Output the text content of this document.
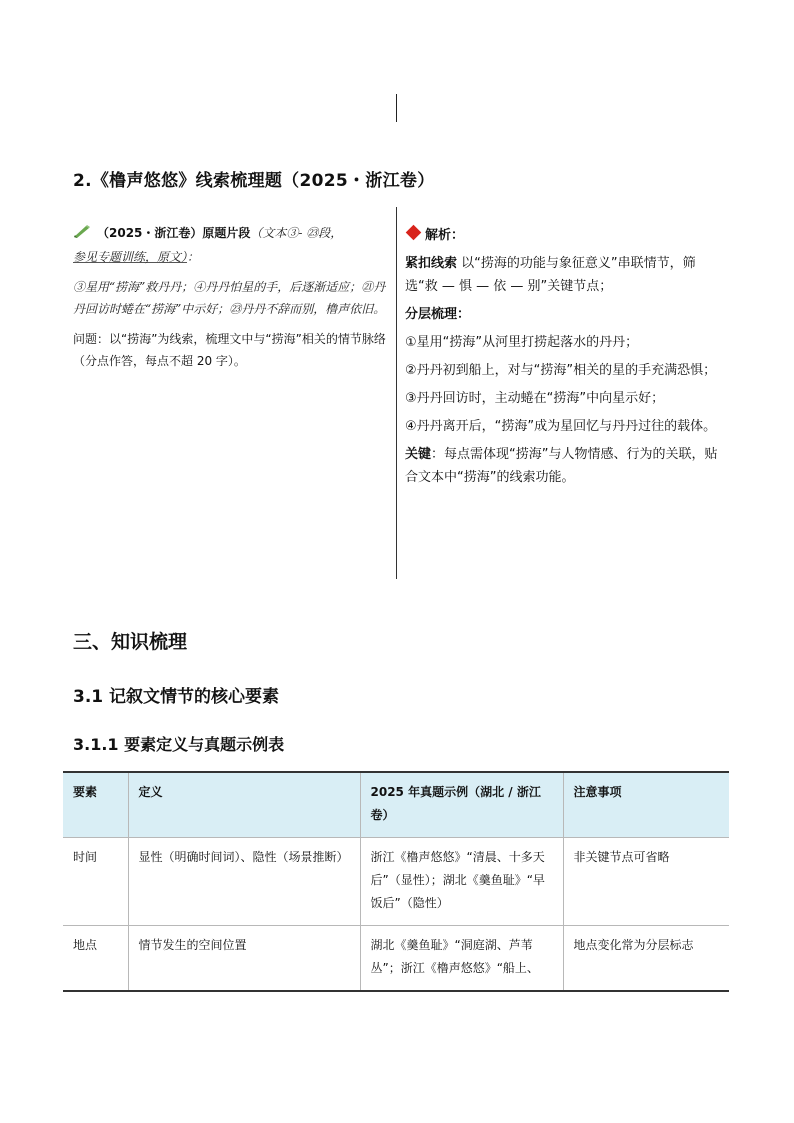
2.《橹声悠悠》线索梳理题（2025・浙江卷）

（2025・浙江卷）原题片段（文本③- ㉓段，
参见专题训练，原文）：

③星用“捞海”救丹丹；④丹丹怕星的手，后逐渐适应；㉑丹丹回访时蜷在“捞海”中示好；㉓丹丹不辞而别，橹声依旧。

问题：以“捞海”为线索，梳理文中与“捞海”相关的情节脉络（分点作答，每点不超 20 字）。

解析：

紧扣线索 以“捞海的功能与象征意义”串联情节，筛选“救 — 惧 — 依 — 别”关键节点；

分层梳理：

①星用“捞海”从河里打捞起落水的丹丹；

②丹丹初到船上，对与“捞海”相关的星的手充满恐惧；

③丹丹回访时，主动蜷在“捞海”中向星示好；

④丹丹离开后，“捞海”成为星回忆与丹丹过往的载体。

关键：每点需体现“捞海”与人物情感、行为的关联，贴合文本中“捞海”的线索功能。

三、知识梳理
3.1 记叙文情节的核心要素
3.1.1 要素定义与真题示例表
要素	定义	2025 年真题示例（湖北 / 浙江卷）	注意事项
时间	显性（明确时间词）、隐性（场景推断）	浙江《橹声悠悠》“清晨、十多天后”（显性）；湖北《羹鱼耻》“早饭后”（隐性）	非关键节点可省略
地点	情节发生的空间位置	湖北《羹鱼耻》“洞庭湖、芦苇丛”；浙江《橹声悠悠》“船上、	地点变化常为分层标志
